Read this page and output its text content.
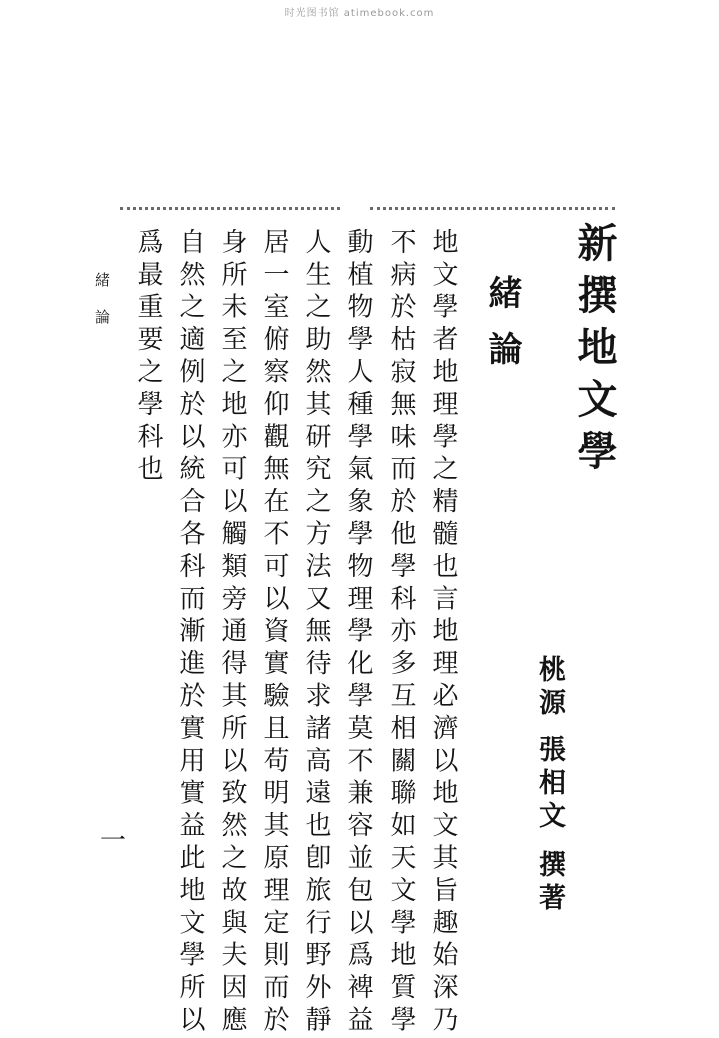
时光图书馆 atimebook.com
新撰地文學
桃源
張相文
撰著
緒論
地文學者地理學之精髓也言地理必濟以地文其旨趣始深乃
不病於枯寂無味而於他學科亦多互相關聯如天文學地質學
動植物學人種學氣象學物理學化學莫不兼容並包以爲裨益
人生之助然其研究之方法又無待求諸高遠也卽旅行野外靜
居一室俯察仰觀無在不可以資實驗且苟明其原理定則而於
身所未至之地亦可以觸類旁通得其所以致然之故與夫因應
自然之適例於以統合各科而漸進於實用實益此地文學所以
爲最重要之學科也
緒論
一
